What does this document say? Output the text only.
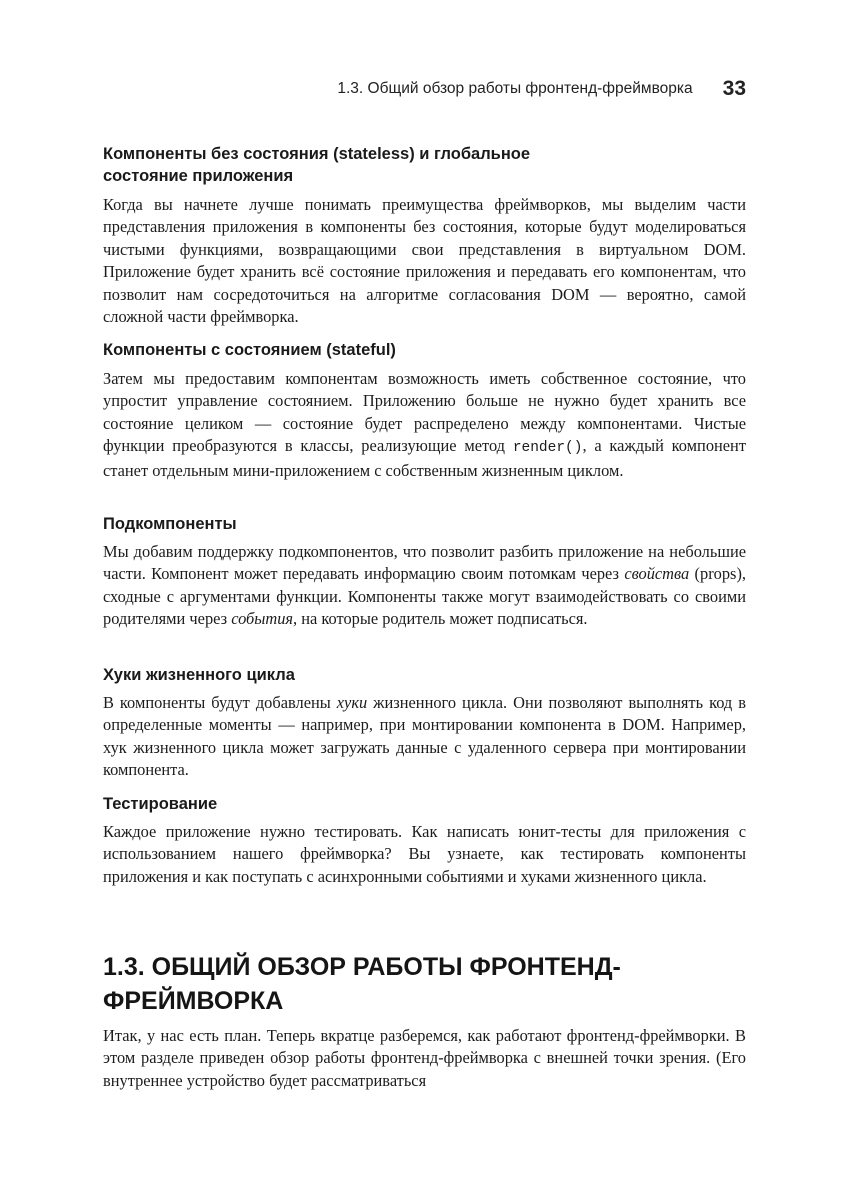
1.3. Общий обзор работы фронтенд-фреймворка 33
Компоненты без состояния (stateless) и глобальное
состояние приложения

Когда вы начнете лучше понимать преимущества фреймворков, мы выделим части представления приложения в компоненты без состояния, которые будут моделироваться чистыми функциями, возвращающими свои представления в виртуальном DOM. Приложение будет хранить всё состояние приложения и передавать его компонентам, что позволит нам сосредоточиться на алгоритме согласования DOM — вероятно, самой сложной части фреймворка.

Компоненты с состоянием (stateful)

Затем мы предоставим компонентам возможность иметь собственное состояние, что упростит управление состоянием. Приложению больше не нужно будет хранить все состояние целиком — состояние будет распределено между компонентами. Чистые функции преобразуются в классы, реализующие метод render(), а каждый компонент станет отдельным мини-приложением с собственным жизненным циклом.

Подкомпоненты

Мы добавим поддержку подкомпонентов, что позволит разбить приложение на небольшие части. Компонент может передавать информацию своим потомкам через свойства (props), сходные с аргументами функции. Компоненты также могут взаимодействовать со своими родителями через события, на которые родитель может подписаться.

Хуки жизненного цикла

В компоненты будут добавлены хуки жизненного цикла. Они позволяют выполнять код в определенные моменты — например, при монтировании компонента в DOM. Например, хук жизненного цикла может загружать данные с удаленного сервера при монтировании компонента.

Тестирование

Каждое приложение нужно тестировать. Как написать юнит-тесты для приложения с использованием нашего фреймворка? Вы узнаете, как тестировать компоненты приложения и как поступать с асинхронными событиями и хуками жизненного цикла.

1.3. ОБЩИЙ ОБЗОР РАБОТЫ ФРОНТЕНД-
ФРЕЙМВОРКА

Итак, у нас есть план. Теперь вкратце разберемся, как работают фронтенд-фреймворки. В этом разделе приведен обзор работы фронтенд-фреймворка с внешней точки зрения. (Его внутреннее устройство будет рассматриваться
